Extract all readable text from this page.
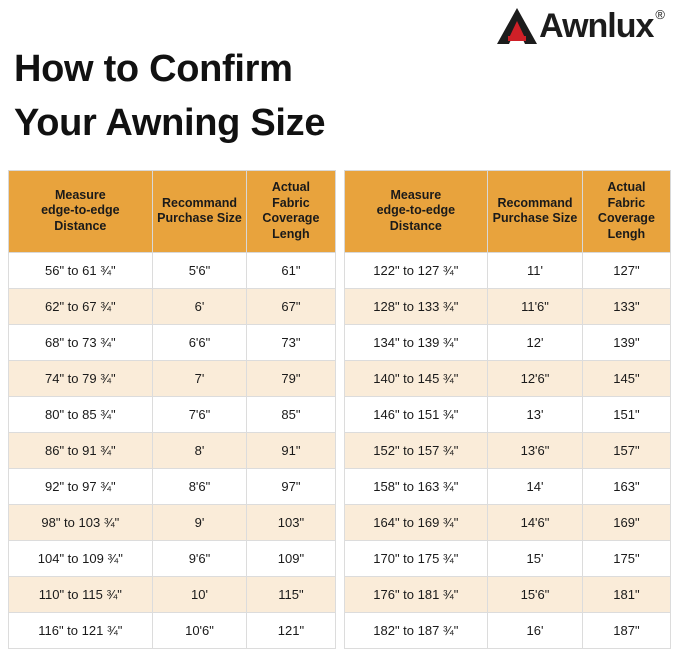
How to Confirm
Your Awning Size
Awnlux ®
Measure
edge-to-edge
Distance	Recommand
Purchase Size	Actual
Fabric
Coverage
Lengh
56" to 61 ¾"	5'6"	61"
62" to 67 ¾"	6'	67"
68" to 73 ¾"	6'6"	73"
74" to 79 ¾"	7'	79"
80" to 85 ¾"	7'6"	85"
86" to 91 ¾"	8'	91"
92" to 97 ¾"	8'6"	97"
98" to 103 ¾"	9'	103"
104" to 109 ¾"	9'6"	109"
110" to 115 ¾"	10'	115"
116" to 121 ¾"	10'6"	121"
Measure
edge-to-edge
Distance	Recommand
Purchase Size	Actual
Fabric
Coverage
Lengh
122" to 127 ¾"	11'	127"
128" to 133 ¾"	11'6"	133"
134" to 139 ¾"	12'	139"
140" to 145 ¾"	12'6"	145"
146" to 151 ¾"	13'	151"
152" to 157 ¾"	13'6"	157"
158" to 163 ¾"	14'	163"
164" to 169 ¾"	14'6"	169"
170" to 175 ¾"	15'	175"
176" to 181 ¾"	15'6"	181"
182" to 187 ¾"	16'	187"
